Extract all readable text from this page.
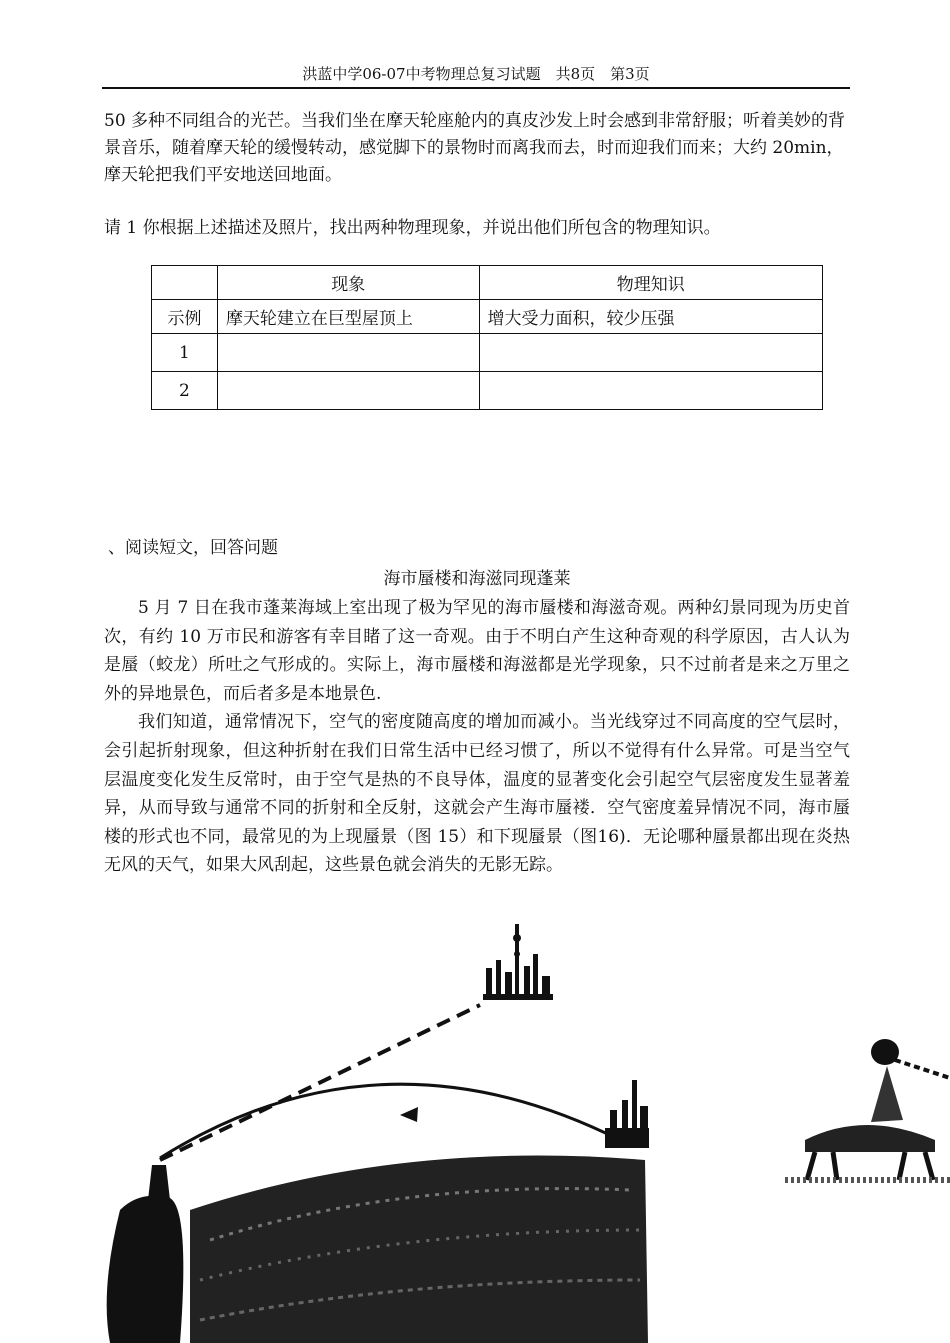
洪蓝中学06-07中考物理总复习试题　共8页　第3页
50 多种不同组合的光芒。当我们坐在摩天轮座舱内的真皮沙发上时会感到非常舒服；听着美妙的背景音乐，随着摩天轮的缓慢转动，感觉脚下的景物时而离我而去，时而迎我们而来；大约 20min，摩天轮把我们平安地送回地面。
请 1 你根据上述描述及照片，找出两种物理现象，并说出他们所包含的物理知识。
	现象	物理知识
示例	摩天轮建立在巨型屋顶上	增大受力面积，较少压强
1		
2		
、阅读短文，回答问题
海市蜃楼和海滋同现蓬莱

5 月 7 日在我市蓬莱海域上室出现了极为罕见的海市蜃楼和海滋奇观。两种幻景同现为历史首次，有约 10 万市民和游客有幸目睹了这一奇观。由于不明白产生这种奇观的科学原因，古人认为是蜃（蛟龙）所吐之气形成的。实际上，海市蜃楼和海滋都是光学现象，只不过前者是来之万里之外的异地景色，而后者多是本地景色.

我们知道，通常情况下，空气的密度随高度的增加而减小。当光线穿过不同高度的空气层时，会引起折射现象，但这种折射在我们日常生活中已经习惯了，所以不觉得有什么异常。可是当空气层温度变化发生反常时，由于空气是热的不良导体，温度的显著变化会引起空气层密度发生显著羞异，从而导致与通常不同的折射和全反射，这就会产生海市蜃褛．空气密度羞异情况不同，海市蜃楼的形式也不同，最常见的为上现蜃景（图 15）和下现蜃景（图16)．无论哪种蜃景都出现在炎热无风的天气，如果大风刮起，这些景色就会消失的无影无踪。
